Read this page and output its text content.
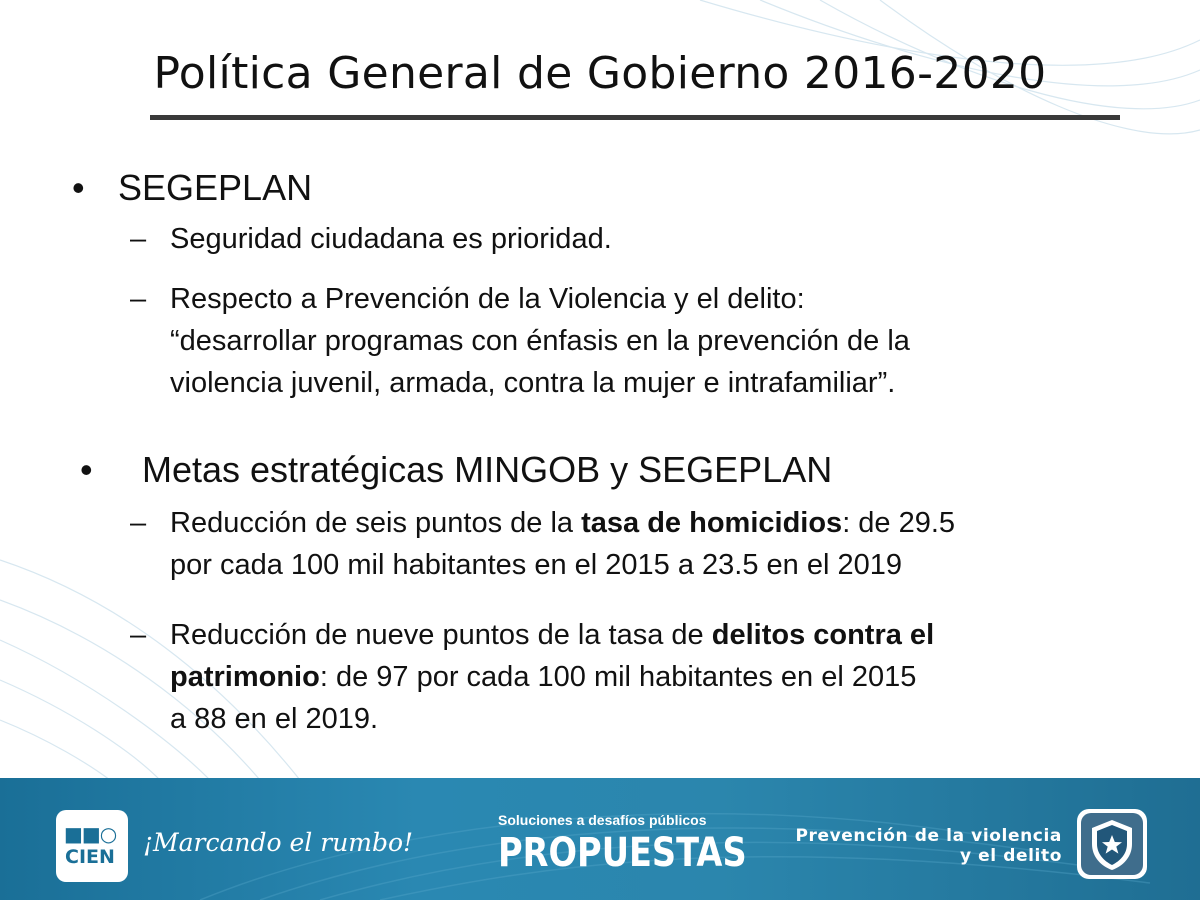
Política General de Gobierno 2016-2020
• SEGEPLAN
– Seguridad ciudadana es prioridad.
– Respecto a Prevención de la Violencia y el delito:
“desarrollar programas con énfasis en la prevención de la
violencia juvenil, armada, contra la mujer e intrafamiliar”.
• Metas estratégicas MINGOB y SEGEPLAN
– Reducción de seis puntos de la tasa de homicidios: de 29.5
por cada 100 mil habitantes en el 2015 a 23.5 en el 2019
– Reducción de nueve puntos de la tasa de delitos contra el
patrimonio: de 97 por cada 100 mil habitantes en el 2015
a 88 en el 2019.
■■○
CIEN ¡Marcando el rumbo!
Soluciones a desafíos públicos
PROPUESTAS	Prevención de la violencia
y el delito
